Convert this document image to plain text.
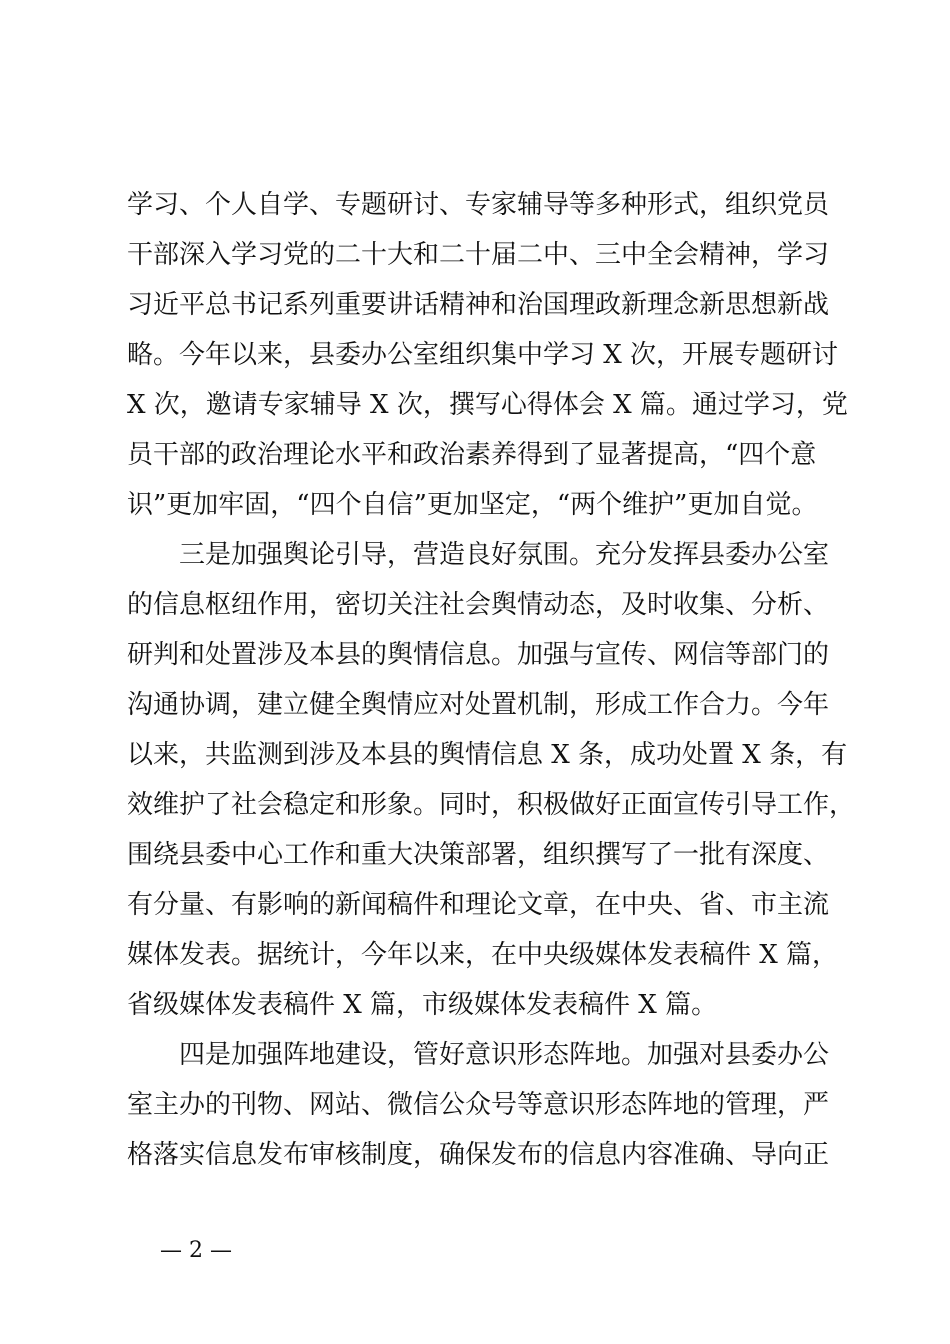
学习、个人自学、专题研讨、专家辅导等多种形式，组织党员
干部深入学习党的二十大和二十届二中、三中全会精神，学习
习近平总书记系列重要讲话精神和治国理政新理念新思想新战
略。今年以来，县委办公室组织集中学习 X 次，开展专题研讨
X 次，邀请专家辅导 X 次，撰写心得体会 X 篇。通过学习，党
员干部的政治理论水平和政治素养得到了显著提高，“四个意
识”更加牢固，“四个自信”更加坚定，“两个维护”更加自觉。
　　三是加强舆论引导，营造良好氛围。充分发挥县委办公室
的信息枢纽作用，密切关注社会舆情动态，及时收集、分析、
研判和处置涉及本县的舆情信息。加强与宣传、网信等部门的
沟通协调，建立健全舆情应对处置机制，形成工作合力。今年
以来，共监测到涉及本县的舆情信息 X 条，成功处置 X 条，有
效维护了社会稳定和形象。同时，积极做好正面宣传引导工作，
围绕县委中心工作和重大决策部署，组织撰写了一批有深度、
有分量、有影响的新闻稿件和理论文章，在中央、省、市主流
媒体发表。据统计，今年以来，在中央级媒体发表稿件 X 篇，
省级媒体发表稿件 X 篇，市级媒体发表稿件 X 篇。
　　四是加强阵地建设，管好意识形态阵地。加强对县委办公
室主办的刊物、网站、微信公众号等意识形态阵地的管理，严
格落实信息发布审核制度，确保发布的信息内容准确、导向正
— 2 —
